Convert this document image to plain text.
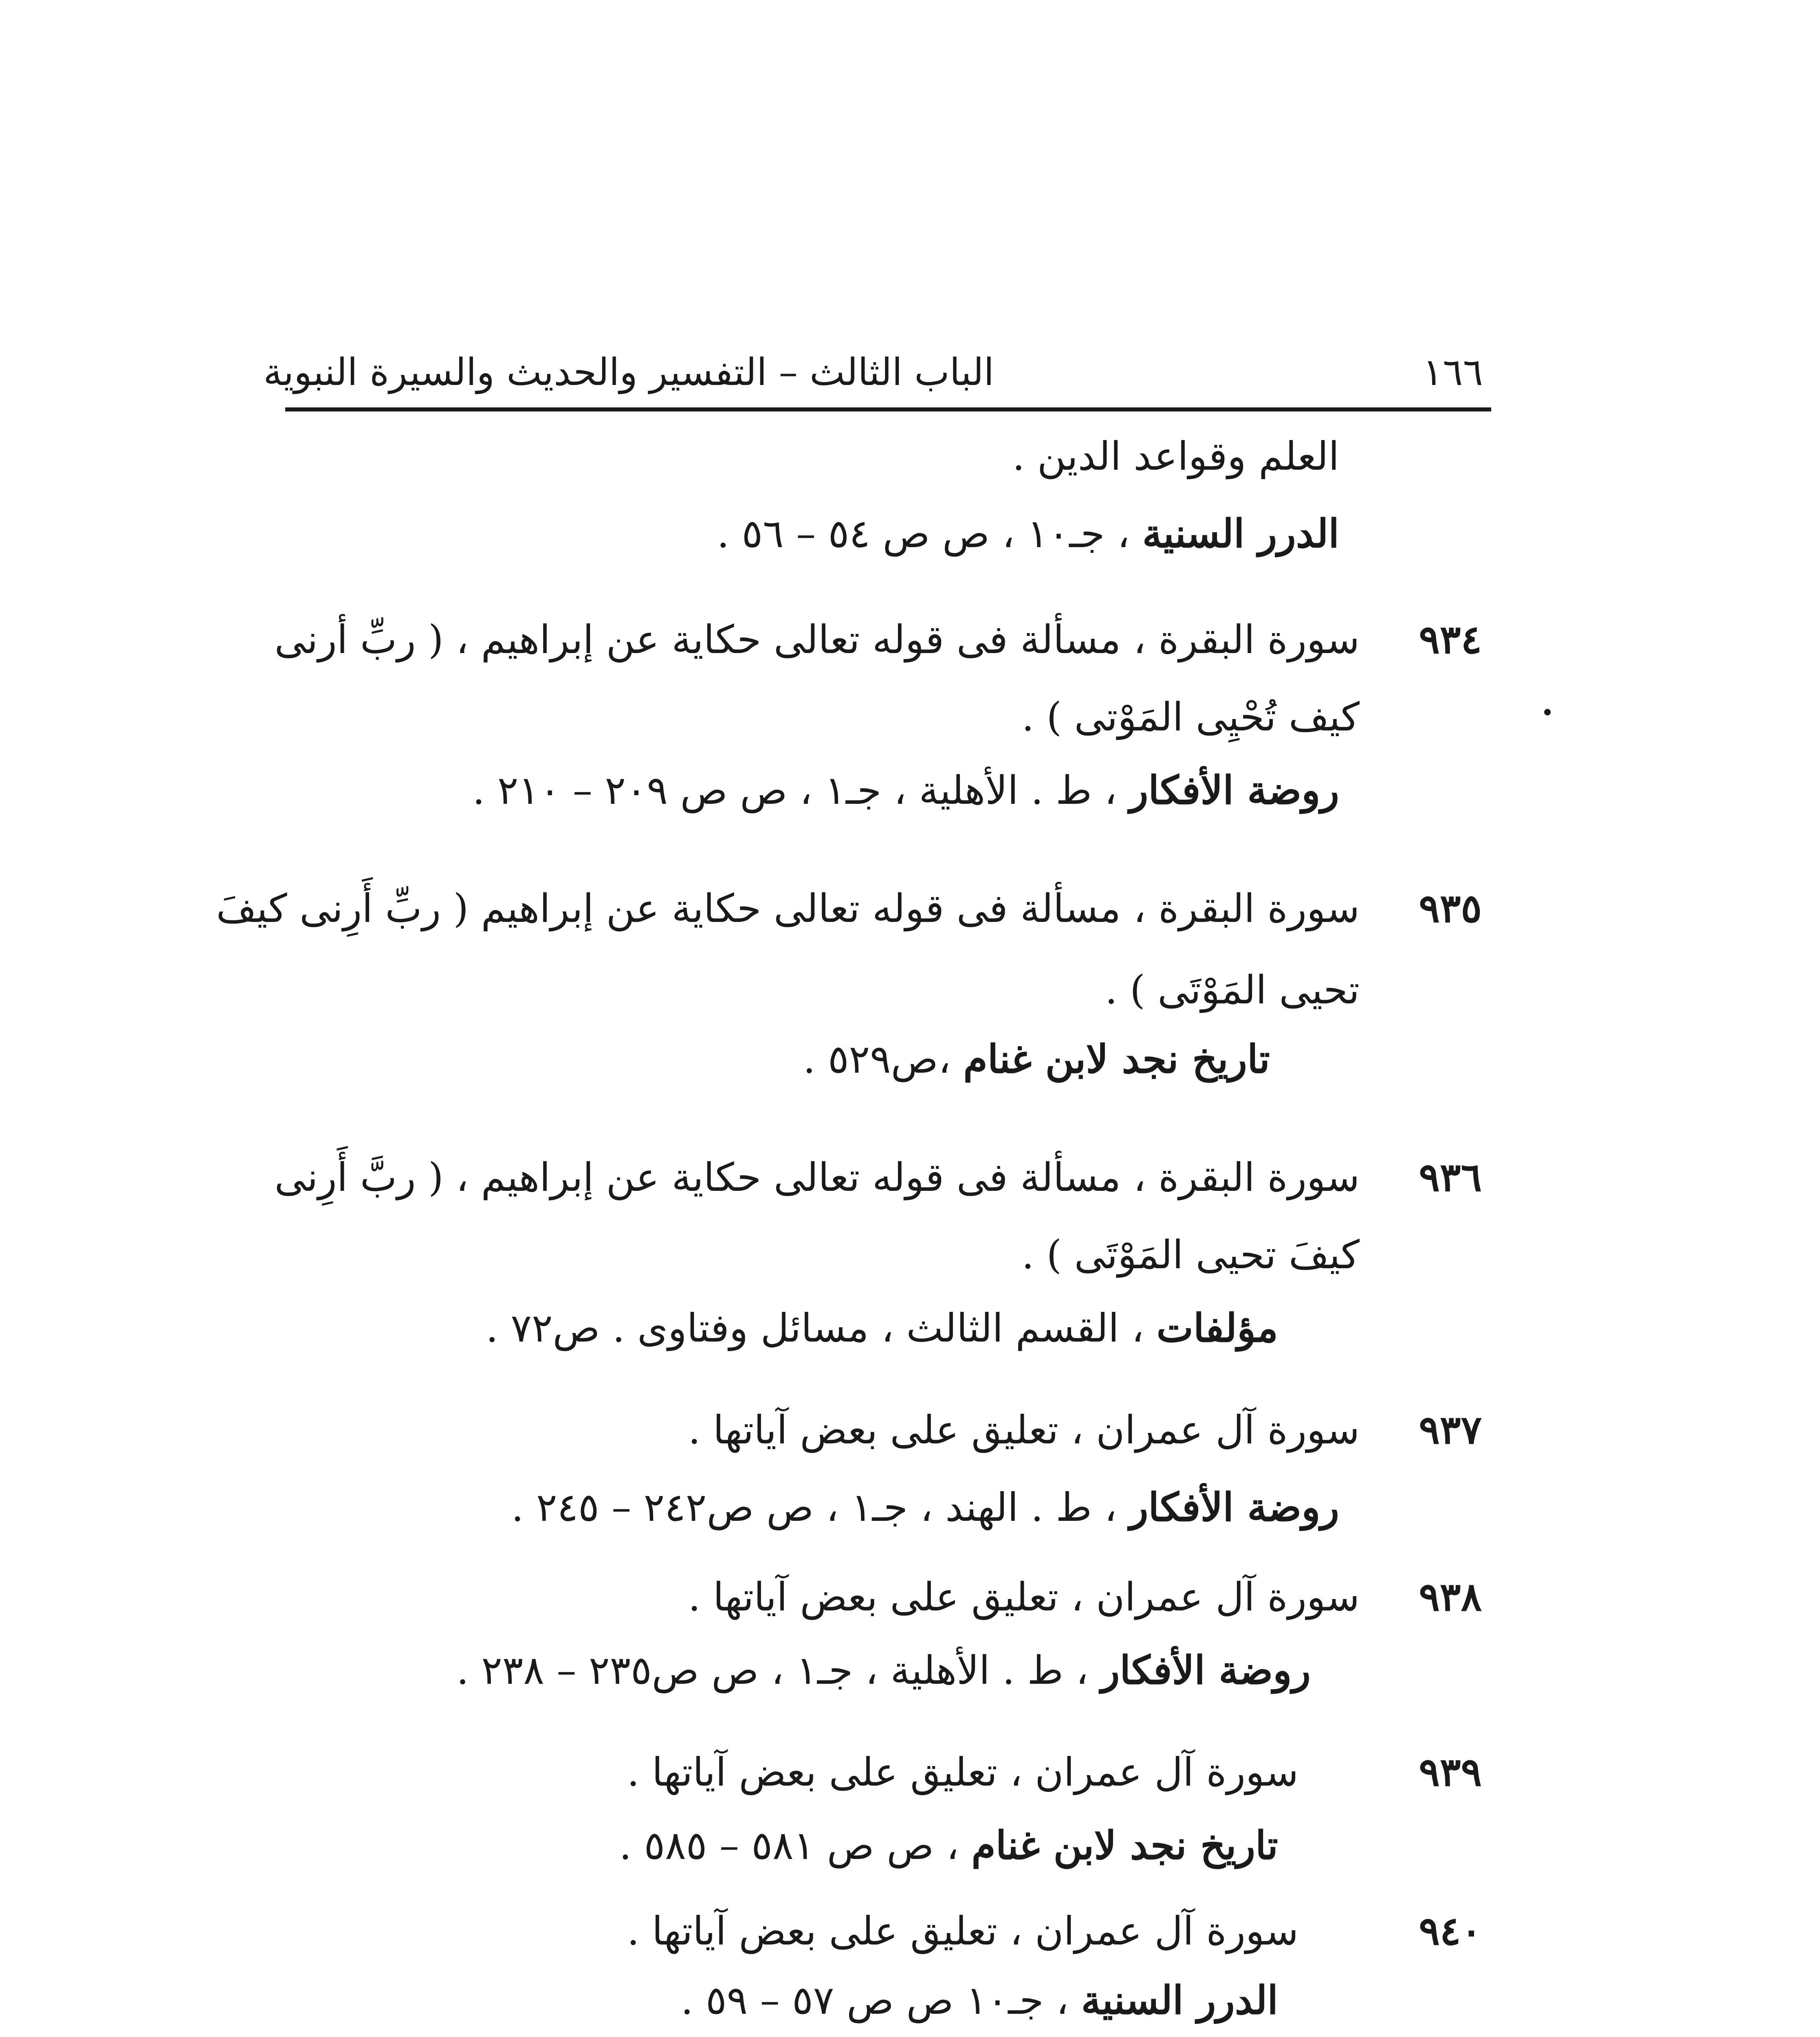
الباب الثالث – التفسير والحديث والسيرة النبوية	١٦٦
العلم وقواعد الدين .
الدرر السنية ، جـ١٠ ، ص ص ٥٤ – ٥٦ .
٩٣٤
سورة البقرة ، مسألة فى قوله تعالى حكاية عن إبراهيم ، ( ربِّ أرنى
كيف تُحْيِى المَوْتى ) .
روضة الأفكار ، ط . الأهلية ، جـ١ ، ص ص ٢٠٩ – ٢١٠ .
٩٣٥
سورة البقرة ، مسألة فى قوله تعالى حكاية عن إبراهيم ( ربِّ أَرِنى كيفَ
تحيى المَوْتَى ) .
تاريخ نجد لابن غنام ،ص٥٢٩ .
٩٣٦
سورة البقرة ، مسألة فى قوله تعالى حكاية عن إبراهيم ، ( ربَّ أَرِنى
كيفَ تحيى المَوْتَى ) .
مؤلفات ، القسم الثالث ، مسائل وفتاوى . ص٧٢ .
٩٣٧
سورة آل عمران ، تعليق على بعض آياتها .
روضة الأفكار ، ط . الهند ، جـ١ ، ص ص٢٤٢ – ٢٤٥ .
٩٣٨
سورة آل عمران ، تعليق على بعض آياتها .
روضة الأفكار ، ط . الأهلية ، جـ١ ، ص ص٢٣٥ – ٢٣٨ .
٩٣٩
سورة آل عمران ، تعليق على بعض آياتها .
تاريخ نجد لابن غنام ، ص ص ٥٨١ – ٥٨٥ .
٩٤٠
سورة آل عمران ، تعليق على بعض آياتها .
الدرر السنية ، جـ١٠ ص ص ٥٧ – ٥٩ .
